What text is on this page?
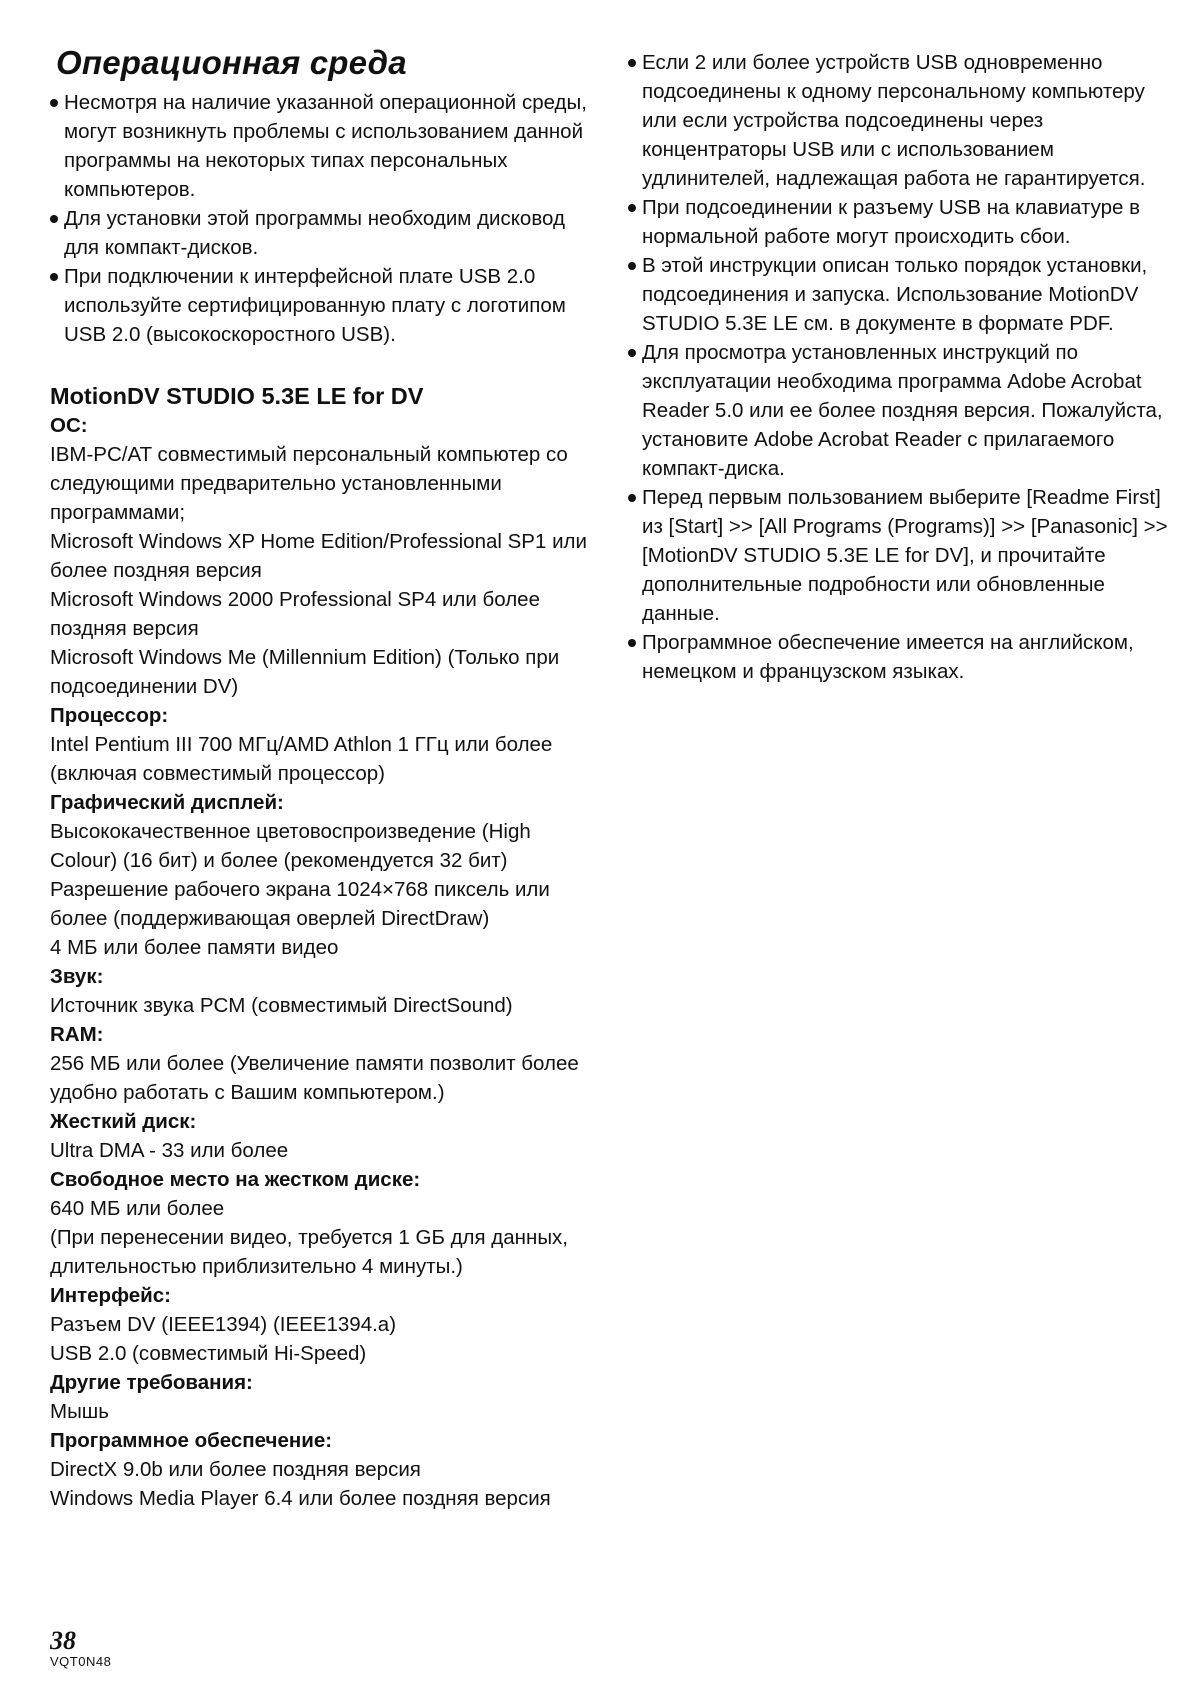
Операционная среда
Несмотря на наличие указанной операционной среды, могут возникнуть проблемы с использованием данной программы на некоторых типах персональных компьютеров.
Для установки этой программы необходим дисковод для компакт-дисков.
При подключении к интерфейсной плате USB 2.0 используйте сертифицированную плату с логотипом USB 2.0 (высокоскоростного USB).
MotionDV STUDIO 5.3E LE for DV

ОС:

IBM-PC/AT совместимый персональный компьютер со следующими предварительно установленными программами;

Microsoft Windows XP Home Edition/Professional SP1 или более поздняя версия

Microsoft Windows 2000 Professional SP4 или более поздняя версия

Microsoft Windows Me (Millennium Edition) (Только при подсоединении DV)

Процессор:

Intel Pentium III 700 МГц/AMD Athlon 1 ГГц или более (включая совместимый процессор)

Графический дисплей:

Высококачественное цветовоспроизведение (High Colour) (16 бит) и более (рекомендуется 32 бит)

Разрешение рабочего экрана 1024×768 пиксель или более (поддерживающая оверлей DirectDraw)

4 МБ или более памяти видео

Звук:

Источник звука PCM (совместимый DirectSound)

RAM:

256 МБ или более (Увеличение памяти позволит более удобно работать с Вашим компьютером.)

Жесткий диск:

Ultra DMA - 33 или более

Свободное место на жестком диске:

640 МБ или более

(При перенесении видео, требуется 1 GБ для данных, длительностью приблизительно 4 минуты.)

Интерфейс:

Разъем DV (IEEE1394) (IEEE1394.a)

USB 2.0 (совместимый Hi-Speed)

Другие требования:

Мышь

Программное обеспечение:

DirectX 9.0b или более поздняя версия

Windows Media Player 6.4 или более поздняя версия

Если 2 или более устройств USB одновременно подсоединены к одному персональному компьютеру или если устройства подсоединены через концентраторы USB или с использованием удлинителей, надлежащая работа не гарантируется.
При подсоединении к разъему USB на клавиатуре в нормальной работе могут происходить сбои.
В этой инструкции описан только порядок установки, подсоединения и запуска. Использование MotionDV STUDIO 5.3E LE см. в документе в формате PDF.
Для просмотра установленных инструкций по эксплуатации необходима программа Adobe Acrobat Reader 5.0 или ее более поздняя версия. Пожалуйста, установите Adobe Acrobat Reader с прилагаемого компакт-диска.
Перед первым пользованием выберите [Readme First] из [Start] >> [All Programs (Programs)] >> [Panasonic] >> [MotionDV STUDIO 5.3E LE for DV], и прочитайте дополнительные подробности или обновленные данные.
Программное обеспечение имеется на английском, немецком и французском языках.
38
VQT0N48
